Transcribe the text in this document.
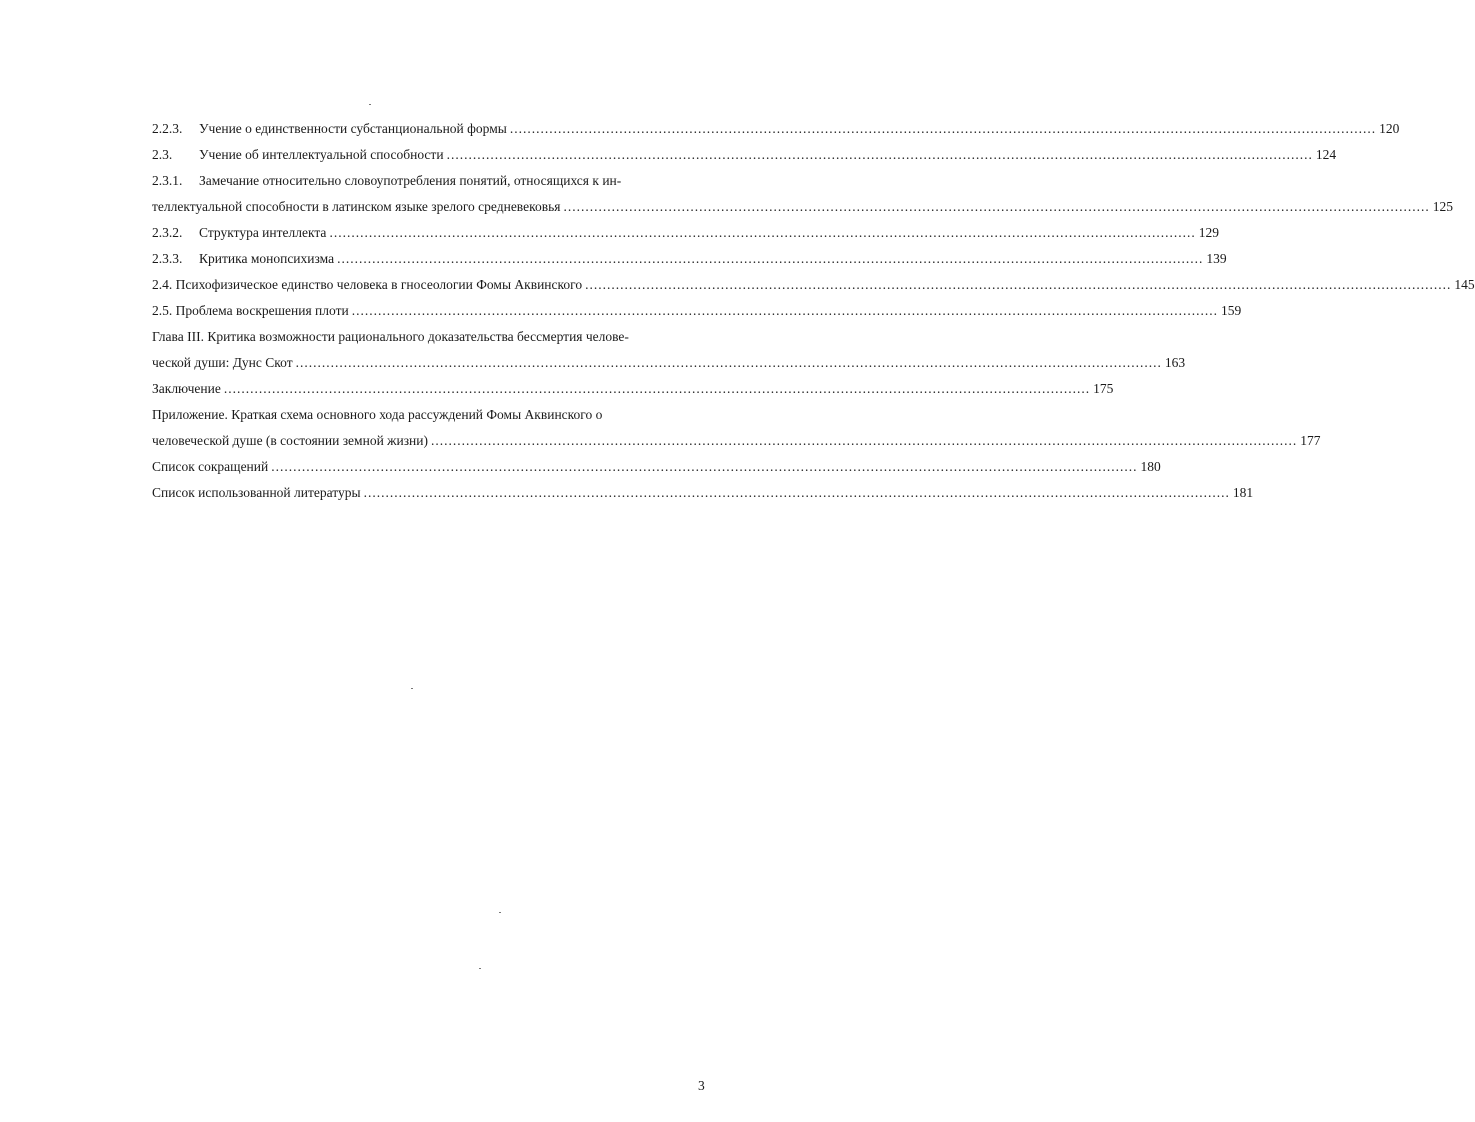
2.2.3.	Учение о единственности субстанциональной формы .....	120
2.3.	Учение об интеллектуальной способности .....	124
2.3.1.	Замечание относительно словоупотребления понятий, относящихся к ин-
теллектуальной способности в латинском языке зрелого средневековья .....	125
2.3.2.	Структура интеллекта .....	129
2.3.3.	Критика монопсихизма .....	139
2.4. Психофизическое единство человека в гносеологии Фомы Аквинского .....	145
2.5. Проблема воскрешения плоти .....	159
Глава III. Критика возможности рационального доказательства бессмертия челове-
ческой души: Дунс Скот .....	163
Заключение .....	175
Приложение. Краткая схема основного хода рассуждений Фомы Аквинского о
человеческой душе (в состоянии земной жизни) .....	177
Список сокращений .....	180
Список использованной литературы .....	181
3
